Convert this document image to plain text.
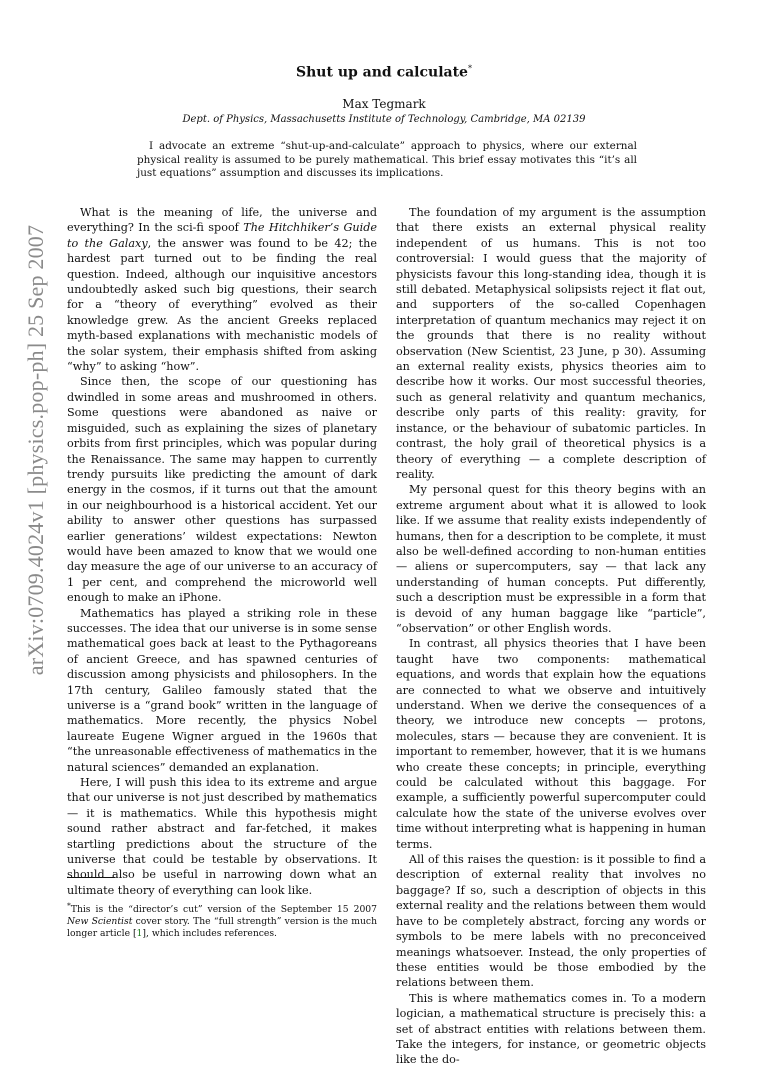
arXiv:0709.4024v1 [physics.pop-ph] 25 Sep 2007
Shut up and calculate*
Max Tegmark
Dept. of Physics, Massachusetts Institute of Technology, Cambridge, MA 02139
I advocate an extreme “shut-up-and-calculate” approach to physics, where our external physical reality is assumed to be purely mathematical. This brief essay motivates this “it’s all just equations” assumption and discusses its implications.

What is the meaning of life, the universe and everything? In the sci-fi spoof The Hitchhiker’s Guide to the Galaxy, the answer was found to be 42; the hardest part turned out to be finding the real question. Indeed, although our inquisitive ancestors undoubtedly asked such big questions, their search for a “theory of everything” evolved as their knowledge grew. As the ancient Greeks replaced myth-based explanations with mechanistic models of the solar system, their emphasis shifted from asking “why” to asking “how”.

Since then, the scope of our questioning has dwindled in some areas and mushroomed in others. Some questions were abandoned as naive or misguided, such as explaining the sizes of planetary orbits from first principles, which was popular during the Renaissance. The same may happen to currently trendy pursuits like predicting the amount of dark energy in the cosmos, if it turns out that the amount in our neighbourhood is a historical accident. Yet our ability to answer other questions has surpassed earlier generations’ wildest expectations: Newton would have been amazed to know that we would one day measure the age of our universe to an accuracy of 1 per cent, and comprehend the microworld well enough to make an iPhone.

Mathematics has played a striking role in these successes. The idea that our universe is in some sense mathematical goes back at least to the Pythagoreans of ancient Greece, and has spawned centuries of discussion among physicists and philosophers. In the 17th century, Galileo famously stated that the universe is a “grand book” written in the language of mathematics. More recently, the physics Nobel laureate Eugene Wigner argued in the 1960s that “the unreasonable effectiveness of mathematics in the natural sciences” demanded an explanation.

Here, I will push this idea to its extreme and argue that our universe is not just described by mathematics — it is mathematics. While this hypothesis might sound rather abstract and far-fetched, it makes startling predictions about the structure of the universe that could be testable by observations. It should also be useful in narrowing down what an ultimate theory of everything can look like.

*This is the “director’s cut” version of the September 15 2007 New Scientist cover story. The “full strength” version is the much longer article [1], which includes references.

The foundation of my argument is the assumption that there exists an external physical reality independent of us humans. This is not too controversial: I would guess that the majority of physicists favour this long-standing idea, though it is still debated. Metaphysical solipsists reject it flat out, and supporters of the so-called Copenhagen interpretation of quantum mechanics may reject it on the grounds that there is no reality without observation (New Scientist, 23 June, p 30). Assuming an external reality exists, physics theories aim to describe how it works. Our most successful theories, such as general relativity and quantum mechanics, describe only parts of this reality: gravity, for instance, or the behaviour of subatomic particles. In contrast, the holy grail of theoretical physics is a theory of everything — a complete description of reality.

My personal quest for this theory begins with an extreme argument about what it is allowed to look like. If we assume that reality exists independently of humans, then for a description to be complete, it must also be well-defined according to non-human entities — aliens or supercomputers, say — that lack any understanding of human concepts. Put differently, such a description must be expressible in a form that is devoid of any human baggage like “particle”, “observation” or other English words.

In contrast, all physics theories that I have been taught have two components: mathematical equations, and words that explain how the equations are connected to what we observe and intuitively understand. When we derive the consequences of a theory, we introduce new concepts — protons, molecules, stars — because they are convenient. It is important to remember, however, that it is we humans who create these concepts; in principle, everything could be calculated without this baggage. For example, a sufficiently powerful supercomputer could calculate how the state of the universe evolves over time without interpreting what is happening in human terms.

All of this raises the question: is it possible to find a description of external reality that involves no baggage? If so, such a description of objects in this external reality and the relations between them would have to be completely abstract, forcing any words or symbols to be mere labels with no preconceived meanings whatsoever. Instead, the only properties of these entities would be those embodied by the relations between them.

This is where mathematics comes in. To a modern logician, a mathematical structure is precisely this: a set of abstract entities with relations between them. Take the integers, for instance, or geometric objects like the do-
